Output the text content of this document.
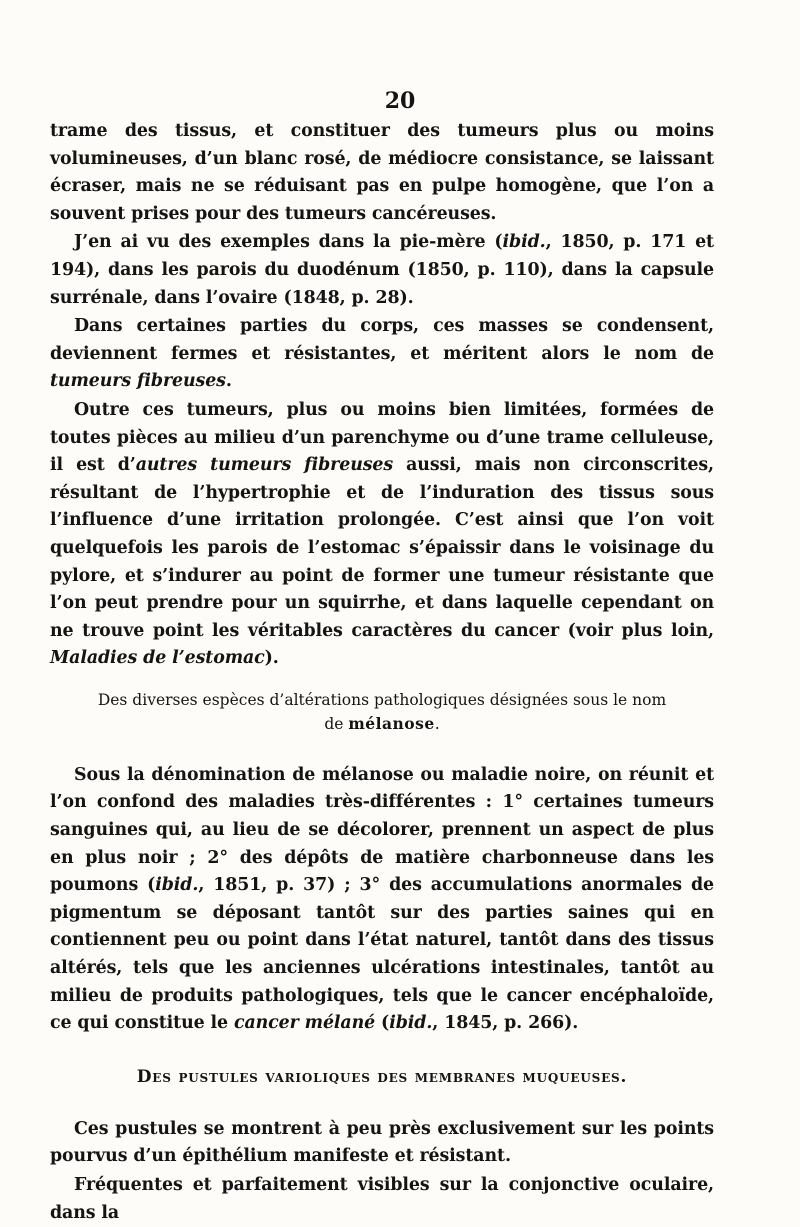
20

trame des tissus, et constituer des tumeurs plus ou moins volumineuses, d’un blanc rosé, de médiocre consistance, se laissant écraser, mais ne se réduisant pas en pulpe homogène, que l’on a souvent prises pour des tumeurs cancéreuses.

J’en ai vu des exemples dans la pie-mère (ibid., 1850, p. 171 et 194), dans les parois du duodénum (1850, p. 110), dans la capsule surrénale, dans l’ovaire (1848, p. 28).

Dans certaines parties du corps, ces masses se condensent, deviennent fermes et résistantes, et méritent alors le nom de tumeurs fibreuses.

Outre ces tumeurs, plus ou moins bien limitées, formées de toutes pièces au milieu d’un parenchyme ou d’une trame celluleuse, il est d’autres tumeurs fibreuses aussi, mais non circonscrites, résultant de l’hypertrophie et de l’induration des tissus sous l’influence d’une irritation prolongée. C’est ainsi que l’on voit quelquefois les parois de l’estomac s’épaissir dans le voisinage du pylore, et s’indurer au point de former une tumeur résistante que l’on peut prendre pour un squirrhe, et dans laquelle cependant on ne trouve point les véritables caractères du cancer (voir plus loin, Maladies de l’estomac).

Des diverses espèces d’altérations pathologiques désignées sous le nom
de mélanose.

Sous la dénomination de mélanose ou maladie noire, on réunit et l’on confond des maladies très-différentes : 1° certaines tumeurs sanguines qui, au lieu de se décolorer, prennent un aspect de plus en plus noir ; 2° des dépôts de matière charbonneuse dans les poumons (ibid., 1851, p. 37) ; 3° des accumulations anormales de pigmentum se déposant tantôt sur des parties saines qui en contiennent peu ou point dans l’état naturel, tantôt dans des tissus altérés, tels que les anciennes ulcérations intestinales, tantôt au milieu de produits pathologiques, tels que le cancer encéphaloïde, ce qui constitue le cancer mélané (ibid., 1845, p. 266).

Des pustules varioliques des membranes muqueuses.

Ces pustules se montrent à peu près exclusivement sur les points pourvus d’un épithélium manifeste et résistant.

Fréquentes et parfaitement visibles sur la conjonctive oculaire, dans la
